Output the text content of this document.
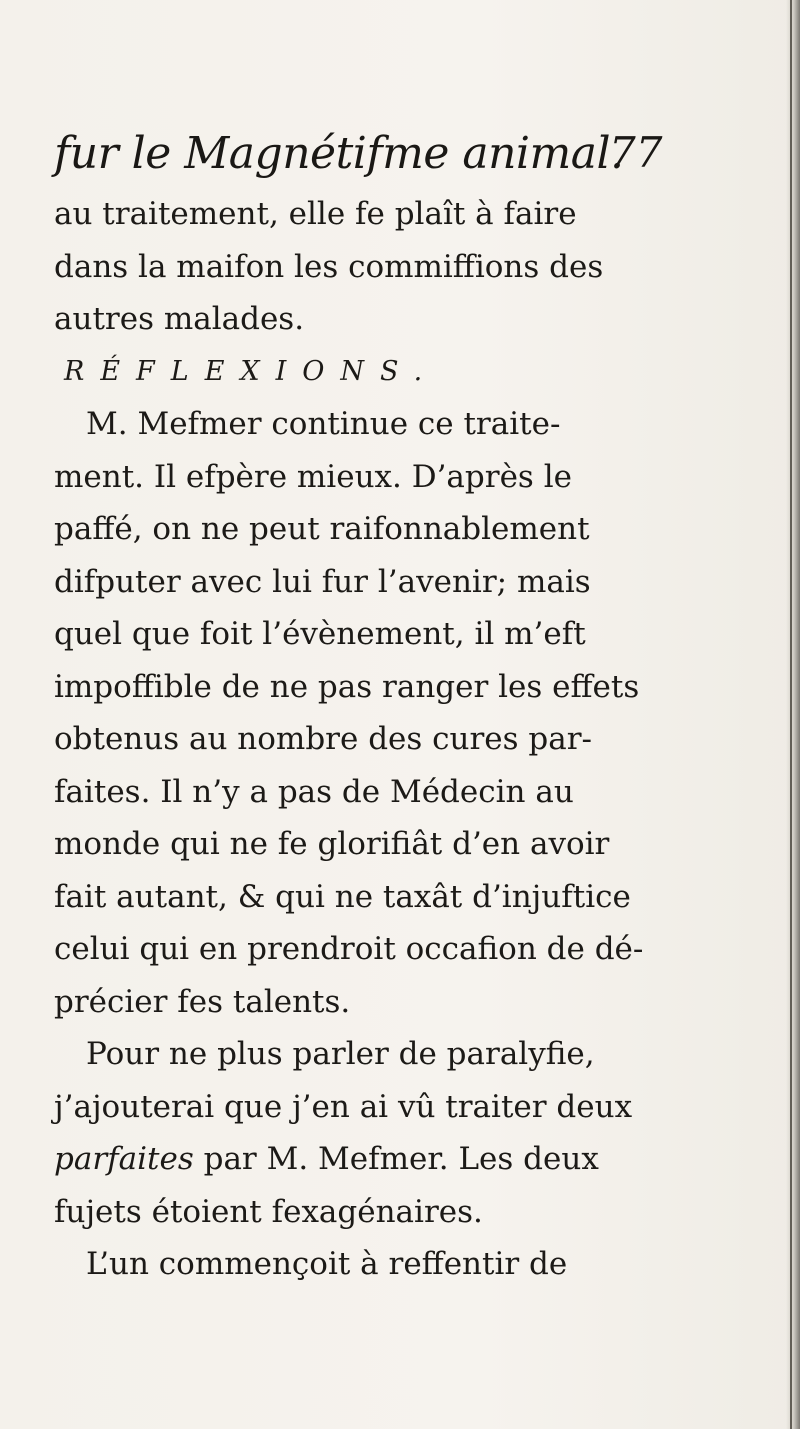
fur le Magnétifme animal.
77
au traitement, elle fe plaît à faire
dans la maifon les commiffions des
autres malades.
RÉFLEXIONS.
M. Mefmer continue ce traite-
ment. Il efpère mieux. D’après le
paffé, on ne peut raifonnablement
difputer avec lui fur l’avenir; mais
quel que foit l’évènement, il m’eft
impoffible de ne pas ranger les effets
obtenus au nombre des cures par-
faites. Il n’y a pas de Médecin au
monde qui ne fe glorifiât d’en avoir
fait autant, & qui ne taxât d’injuftice
celui qui en prendroit occafion de dé-
précier fes talents.
Pour ne plus parler de paralyfie,
j’ajouterai que j’en ai vû traiter deux
parfaites par M. Mefmer. Les deux
fujets étoient fexagénaires.
L’un commençoit à reffentir de
